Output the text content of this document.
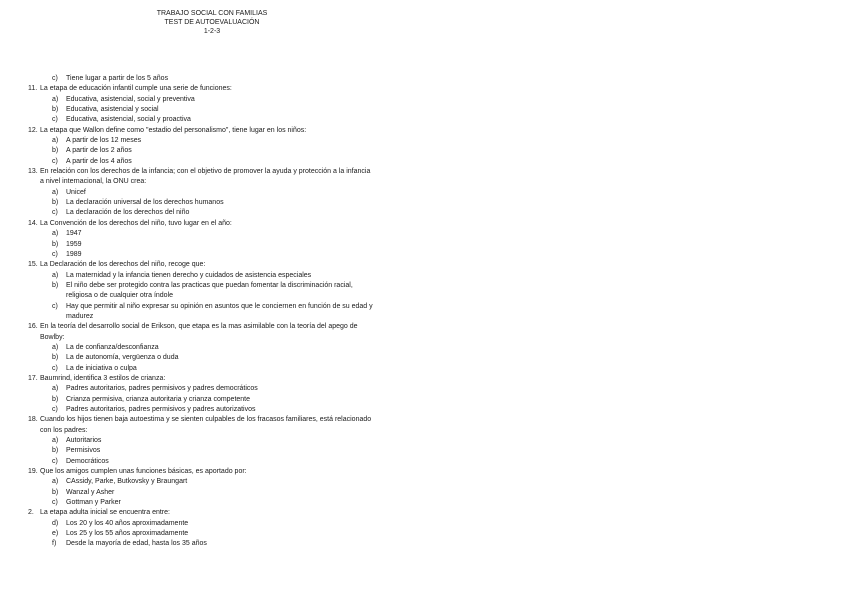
TRABAJO SOCIAL CON FAMILIAS
TEST DE AUTOEVALUACIÓN
1-2-3
c)	Tiene lugar a partir de los 5 años
11. La etapa de educación infantil cumple una serie de funciones:
a)	Educativa, asistencial, social y preventiva
b)	Educativa, asistencial y social
c)	Educativa, asistencial, social y proactiva
12. La etapa que Wallon define como "estadio del personalismo", tiene lugar en los niños:
a)	A partir de los 12 meses
b)	A partir de los 2 años
c)	A partir de los 4 años
13. En relación con los derechos de la infancia; con el objetivo de promover la ayuda y protección a la infancia
a nivel internacional, la ONU crea:
a)	Unicef
b)	La declaración universal de los derechos humanos
c)	La declaración de los derechos del niño
14. La Convención de los derechos del niño, tuvo lugar en el año:
a)	1947
b)	1959
c)	1989
15. La Declaración de los derechos del niño, recoge que:
a)	La maternidad y la infancia tienen derecho y cuidados de asistencia especiales
b)	El niño debe ser protegido contra las practicas que puedan fomentar la discriminación racial,
religiosa o de cualquier otra índole
c)	Hay que permitir al niño expresar su opinión en asuntos que le conciernen en función de su edad y
madurez
16. En la teoría del desarrollo social de Erikson, que etapa es la mas asimilable con la teoría del apego de
Bowlby:
a)	La de confianza/desconfianza
b)	La de autonomía, vergüenza o duda
c)	La de iniciativa o culpa
17. Baumrind, identifica 3 estilos de crianza:
a)	Padres autoritarios, padres permisivos y padres democráticos
b)	Crianza permisiva, crianza autoritaria y crianza competente
c)	Padres autoritarios, padres permisivos y padres autorizativos
18. Cuando los hijos tienen baja autoestima y se sienten culpables de los fracasos familiares, está relacionado
con los padres:
a)	Autoritarios
b)	Permisivos
c)	Democráticos
19. Que los amigos cumplen unas funciones básicas, es aportado por:
a)	CAssidy, Parke, Butkovsky y Braungart
b)	Wanzal y Asher
c)	Gottman y Parker
2. La etapa adulta inicial se encuentra entre:
d)	Los 20 y los 40 años aproximadamente
e)	Los 25 y los 55 años aproximadamente
f)	Desde la mayoría de edad, hasta los 35 años
